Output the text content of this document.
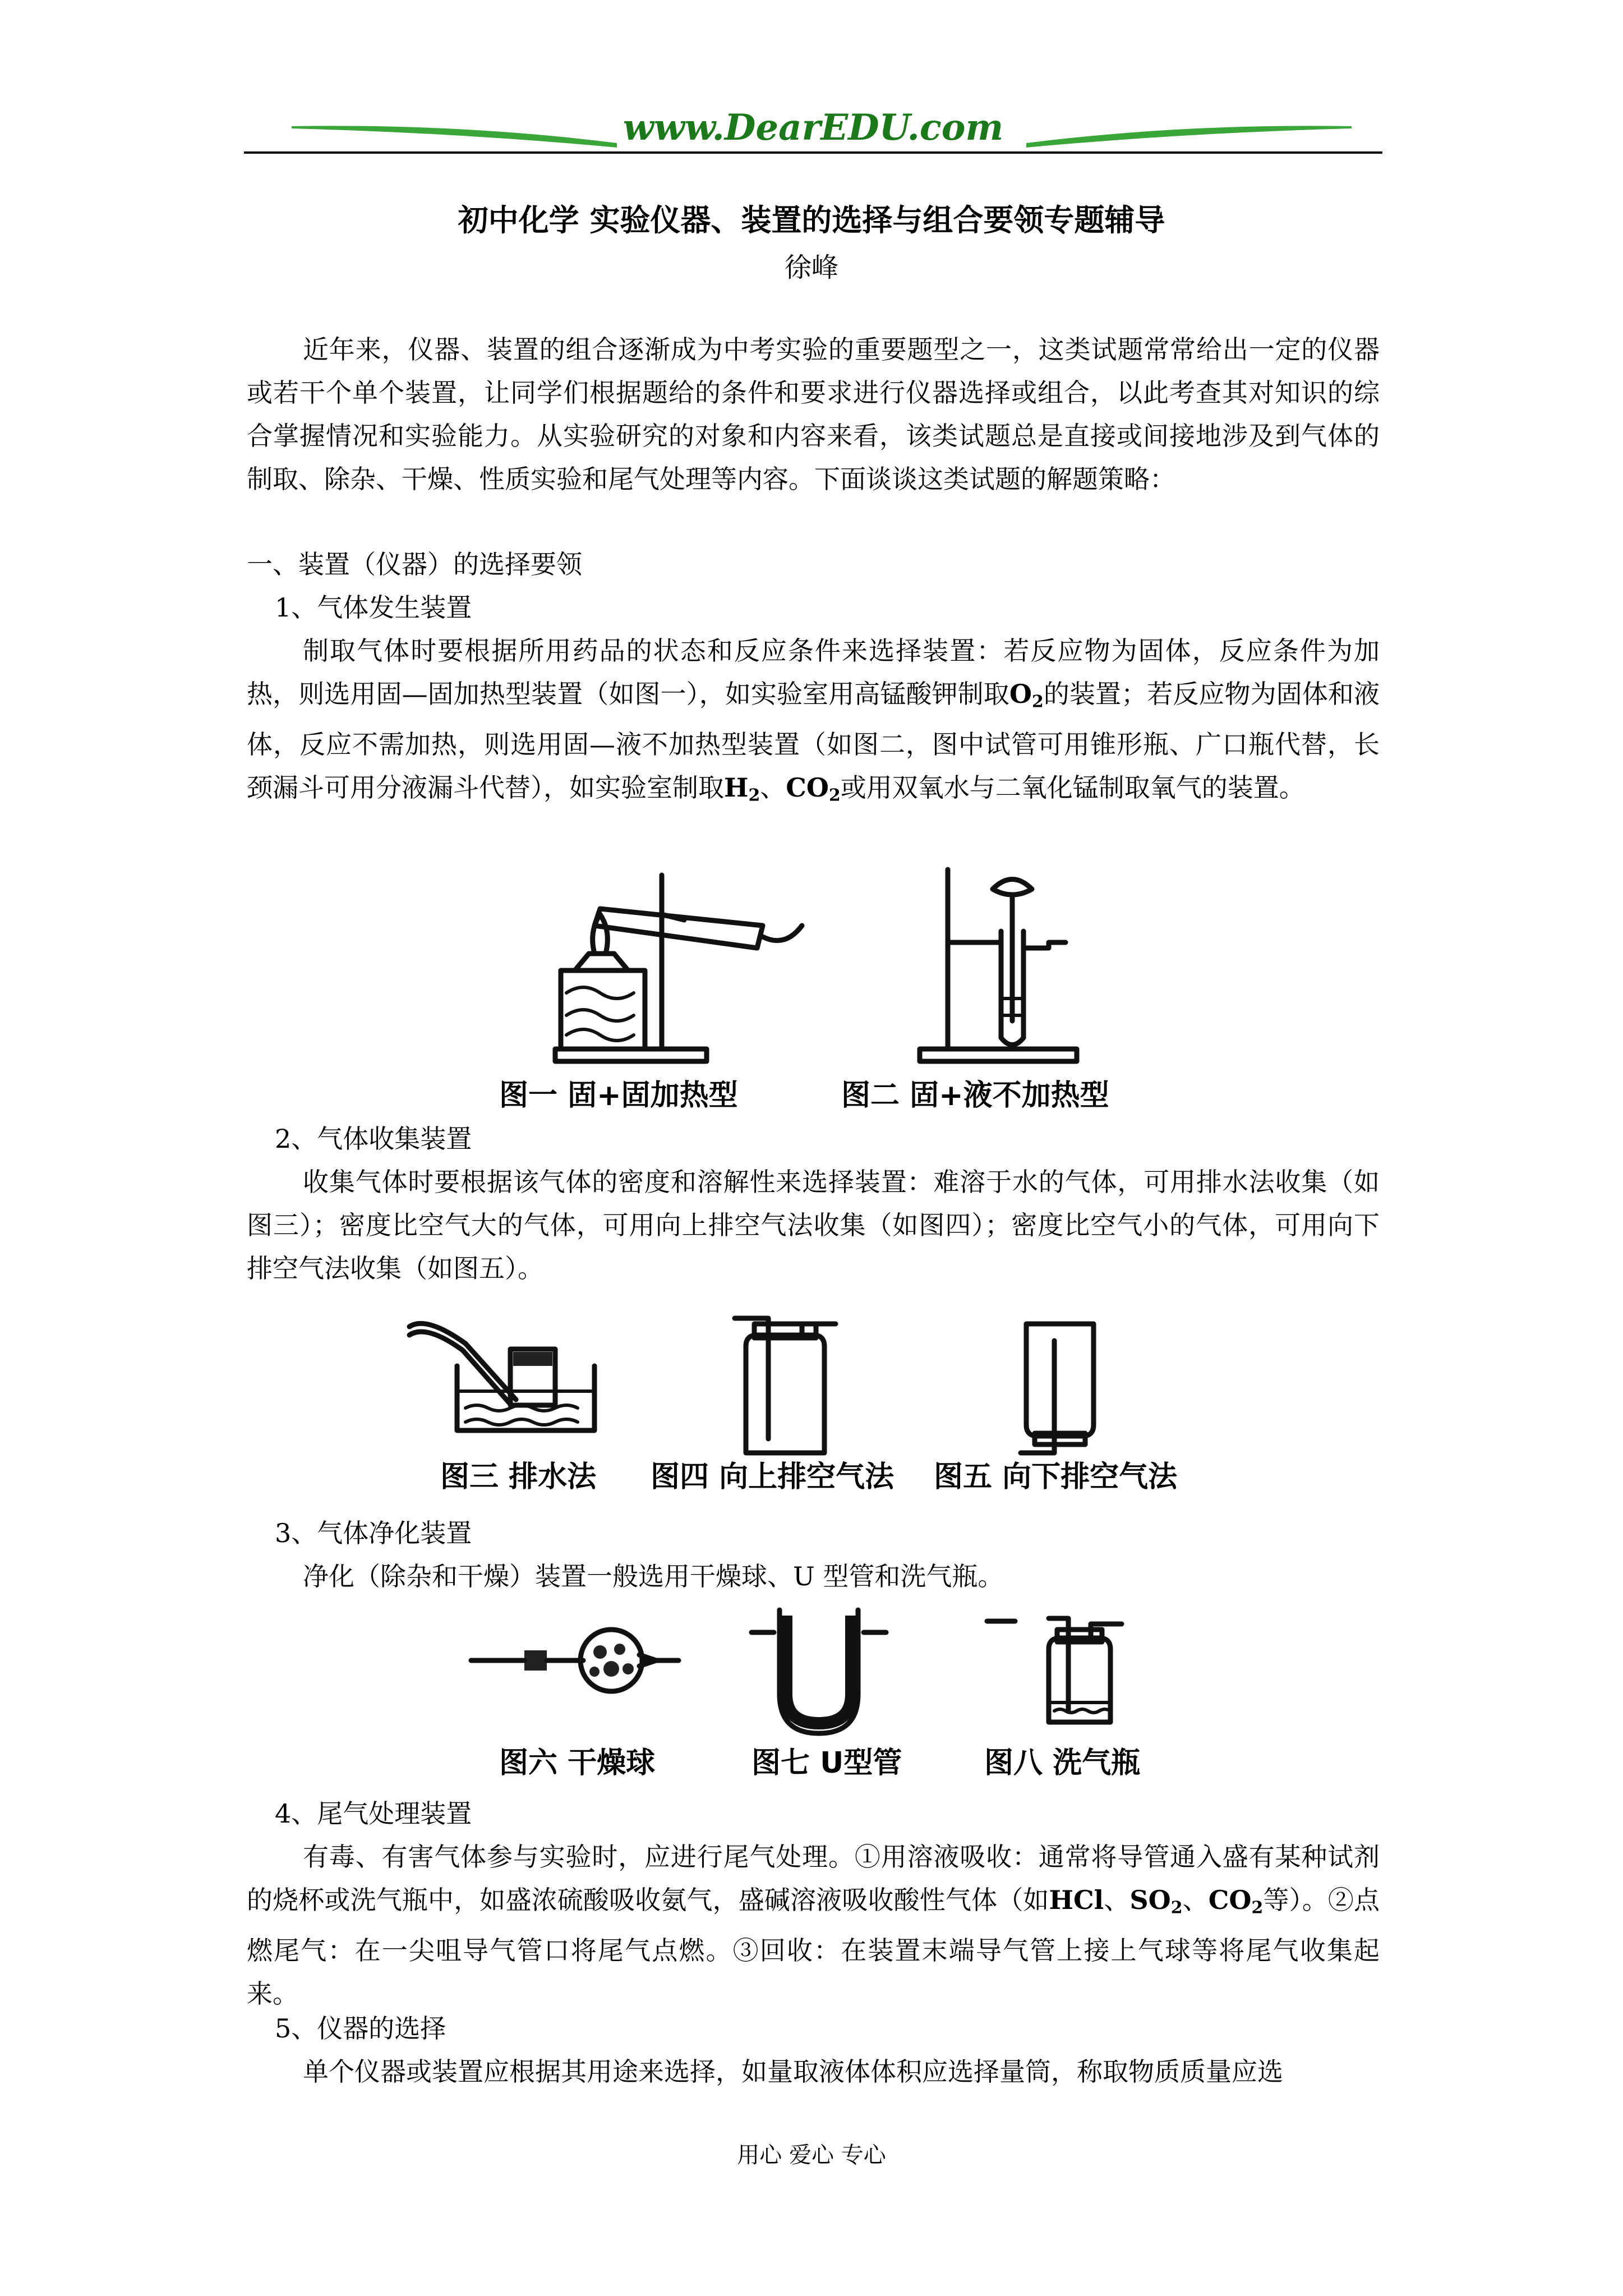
www.DearEDU.com
初中化学 实验仪器、装置的选择与组合要领专题辅导
徐峰
近年来，仪器、装置的组合逐渐成为中考实验的重要题型之一，这类试题常常给出一定的仪器或若干个单个装置，让同学们根据题给的条件和要求进行仪器选择或组合，以此考查其对知识的综合掌握情况和实验能力。从实验研究的对象和内容来看，该类试题总是直接或间接地涉及到气体的制取、除杂、干燥、性质实验和尾气处理等内容。下面谈谈这类试题的解题策略：
一、装置（仪器）的选择要领
1、气体发生装置
制取气体时要根据所用药品的状态和反应条件来选择装置：若反应物为固体，反应条件为加热，则选用固—固加热型装置（如图一），如实验室用高锰酸钾制取$O_2$的装置；若反应物为固体和液体，反应不需加热，则选用固—液不加热型装置（如图二，图中试管可用锥形瓶、广口瓶代替，长颈漏斗可用分液漏斗代替），如实验室制取$H_2$、$CO_2$或用双氧水与二氧化锰制取氧气的装置。
图一 固+固加热型	图二 固+液不加热型
2、气体收集装置
收集气体时要根据该气体的密度和溶解性来选择装置：难溶于水的气体，可用排水法收集（如图三）；密度比空气大的气体，可用向上排空气法收集（如图四）；密度比空气小的气体，可用向下排空气法收集（如图五）。
图三 排水法 图四 向上排空气法 图五 向下排空气法
3、气体净化装置
净化（除杂和干燥）装置一般选用干燥球、U 型管和洗气瓶。
图六 干燥球	图七 U型管	图八 洗气瓶
4、尾气处理装置
有毒、有害气体参与实验时，应进行尾气处理。①用溶液吸收：通常将导管通入盛有某种试剂的烧杯或洗气瓶中，如盛浓硫酸吸收氨气，盛碱溶液吸收酸性气体（如HCl、$SO_2$、$CO_2$等）。②点燃尾气：在一尖咀导气管口将尾气点燃。③回收：在装置末端导气管上接上气球等将尾气收集起来。
5、仪器的选择
单个仪器或装置应根据其用途来选择，如量取液体体积应选择量筒，称取物质质量应选
用心 爱心 专心
